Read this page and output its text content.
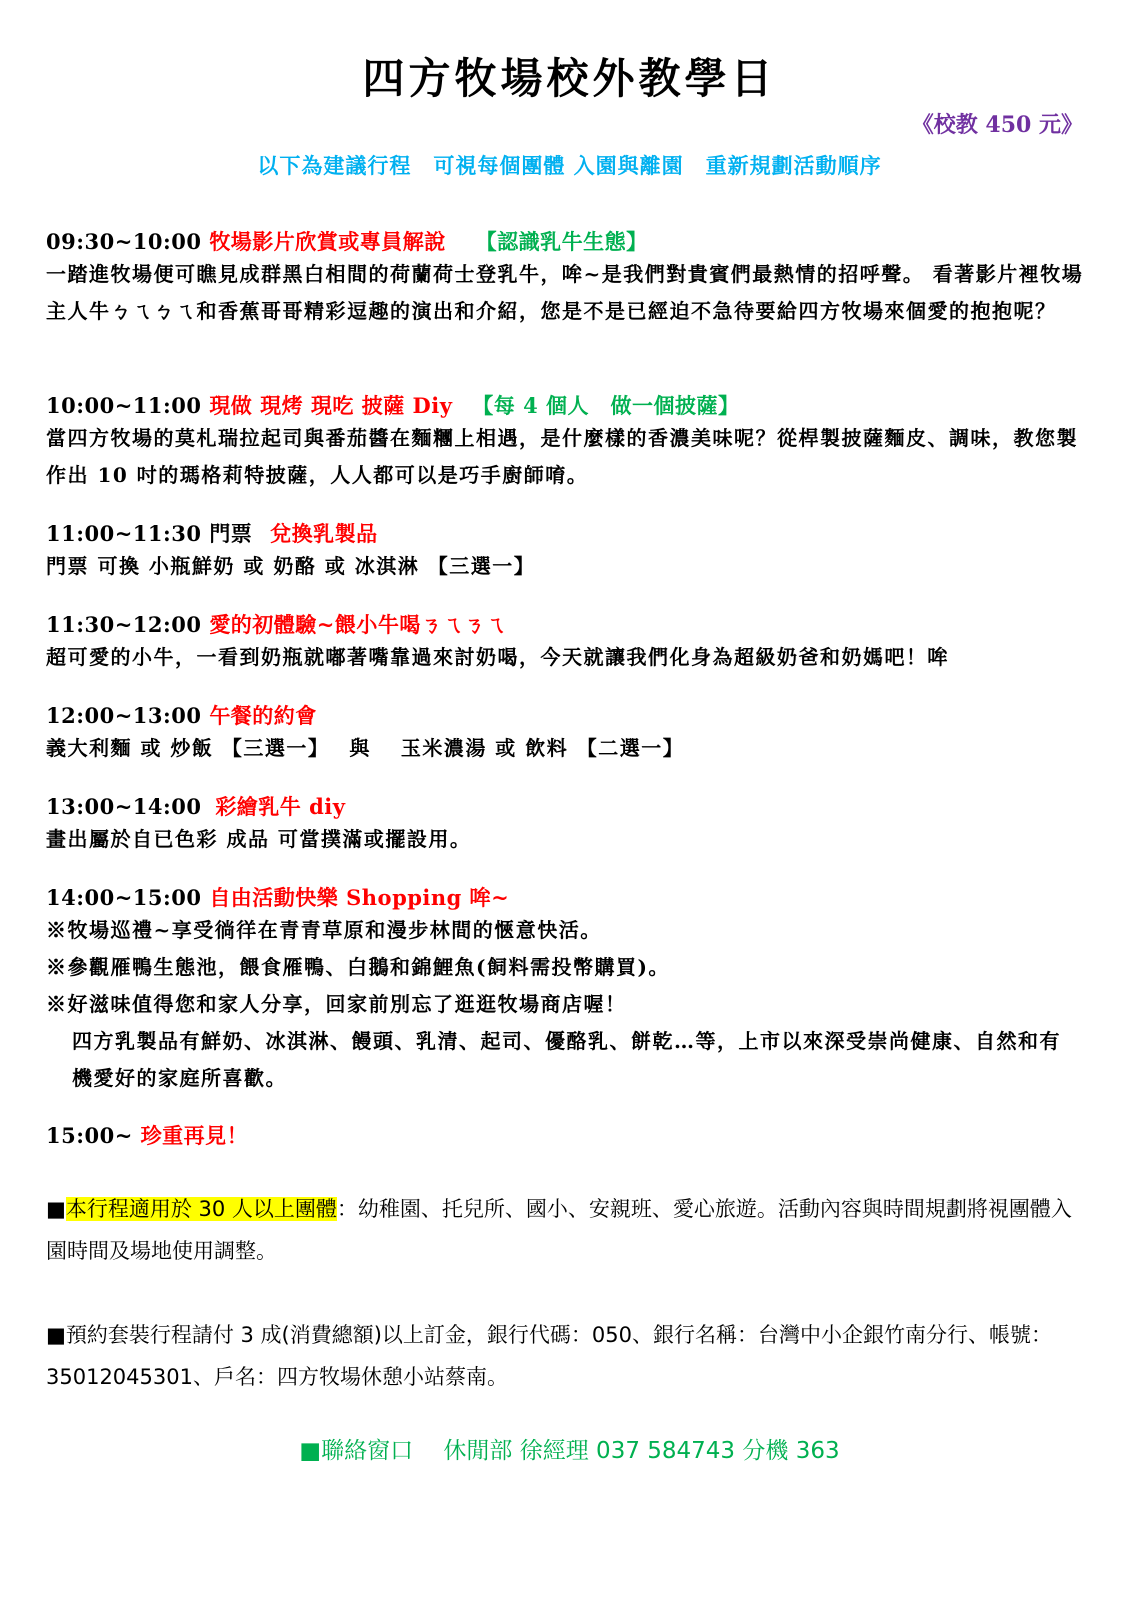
四方牧場校外教學日
《校教 450 元》
以下為建議行程　可視每個團體 入園與離園　重新規劃活動順序
09:30~10:00 牧場影片欣賞或專員解說 【認識乳牛生態】
一踏進牧場便可瞧見成群黑白相間的荷蘭荷士登乳牛，哞~是我們對貴賓們最熱情的招呼聲。 看著影片裡牧場主人牛ㄅㄟㄅㄟ和香蕉哥哥精彩逗趣的演出和介紹，您是不是已經迫不急待要給四方牧場來個愛的抱抱呢？
10:00~11:00 現做 現烤 現吃 披薩 Diy 【每 4 個人　做一個披薩】
當四方牧場的莫札瑞拉起司與番茄醬在麵糰上相遇，是什麼樣的香濃美味呢？從桿製披薩麵皮、調味，教您製作出 10 吋的瑪格莉特披薩，人人都可以是巧手廚師唷。
11:00~11:30 門票 兌換乳製品
門票 可換 小瓶鮮奶 或 奶酪 或 冰淇淋 【三選一】
11:30~12:00 愛的初體驗~餵小牛喝ㄋㄟㄋㄟ
超可愛的小牛，一看到奶瓶就嘟著嘴靠過來討奶喝，今天就讓我們化身為超級奶爸和奶媽吧！哞
12:00~13:00 午餐的約會
義大利麵 或 炒飯 【三選一】　 與　 玉米濃湯 或 飲料 【二選一】
13:00~14:00 彩繪乳牛 diy
畫出屬於自已色彩 成品 可當撲滿或擺設用。
14:00~15:00 自由活動快樂 Shopping 哞~
※牧場巡禮~享受徜徉在青青草原和漫步林間的愜意快活。
※參觀雁鴨生態池，餵食雁鴨、白鵝和錦鯉魚(飼料需投幣購買)。
※好滋味值得您和家人分享，回家前別忘了逛逛牧場商店喔！
四方乳製品有鮮奶、冰淇淋、饅頭、乳清、起司、優酪乳、餅乾…等，上市以來深受崇尚健康、自然和有機愛好的家庭所喜歡。
15:00~ 珍重再見！
■本行程適用於 30 人以上團體：幼稚園、托兒所、國小、安親班、愛心旅遊。活動內容與時間規劃將視團體入園時間及場地使用調整。
■預約套裝行程請付 3 成(消費總額)以上訂金，銀行代碼：050、銀行名稱：台灣中小企銀竹南分行、帳號：35012045301、戶名：四方牧場休憩小站蔡南。
■聯絡窗口　 休閒部 徐經理 037 584743 分機 363
